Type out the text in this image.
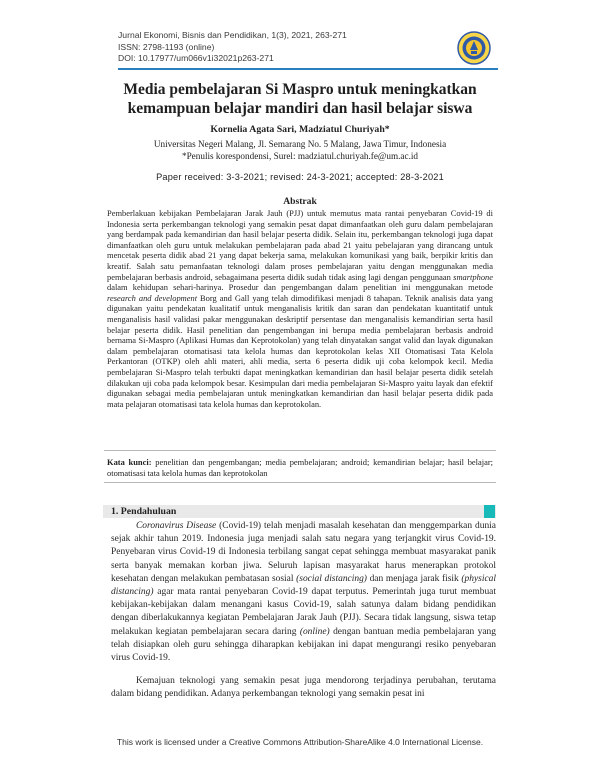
Jurnal Ekonomi, Bisnis dan Pendidikan, 1(3), 2021, 263-271
ISSN: 2798-1193 (online)
DOI: 10.17977/um066v1i32021p263-271
Media pembelajaran Si Maspro untuk meningkatkan
kemampuan belajar mandiri dan hasil belajar siswa
Kornelia Agata Sari, Madziatul Churiyah*
Universitas Negeri Malang, Jl. Semarang No. 5 Malang, Jawa Timur, Indonesia
*Penulis korespondensi, Surel: madziatul.churiyah.fe@um.ac.id
Paper received: 3-3-2021; revised: 24-3-2021; accepted: 28-3-2021
Abstrak
Pemberlakuan kebijakan Pembelajaran Jarak Jauh (PJJ) untuk memutus mata rantai penyebaran Covid-19 di Indonesia serta perkembangan teknologi yang semakin pesat dapat dimanfaatkan oleh guru dalam pembelajaran yang berdampak pada kemandirian dan hasil belajar peserta didik. Selain itu, perkembangan teknologi juga dapat dimanfaatkan oleh guru untuk melakukan pembelajaran pada abad 21 yaitu pebelajaran yang dirancang untuk mencetak peserta didik abad 21 yang dapat bekerja sama, melakukan komunikasi yang baik, berpikir kritis dan kreatif. Salah satu pemanfaatan teknologi dalam proses pembelajaran yaitu dengan menggunakan media pembelajaran berbasis android, sebagaimana peserta didik sudah tidak asing lagi dengan penggunaan smartphone dalam kehidupan sehari-harinya. Prosedur dan pengembangan dalam penelitian ini menggunakan metode research and development Borg and Gall yang telah dimodifikasi menjadi 8 tahapan. Teknik analisis data yang digunakan yaitu pendekatan kualitatif untuk menganalisis kritik dan saran dan pendekatan kuantitatif untuk menganalisis hasil validasi pakar menggunakan deskriptif persentase dan menganalisis kemandirian serta hasil belajar peserta didik. Hasil penelitian dan pengembangan ini berupa media pembelajaran berbasis android bernama Si-Maspro (Aplikasi Humas dan Keprotokolan) yang telah dinyatakan sangat valid dan layak digunakan dalam pembelajaran otomatisasi tata kelola humas dan keprotokolan kelas XII Otomatisasi Tata Kelola Perkantoran (OTKP) oleh ahli materi, ahli media, serta 6 peserta didik uji coba kelompok kecil. Media pembelajaran Si-Maspro telah terbukti dapat meningkatkan kemandirian dan hasil belajar peserta didik setelah dilakukan uji coba pada kelompok besar. Kesimpulan dari media pembelajaran Si-Maspro yaitu layak dan efektif digunakan sebagai media pembelajaran untuk meningkatkan kemandirian dan hasil belajar peserta didik pada mata pelajaran otomatisasi tata kelola humas dan keprotokolan.
Kata kunci: penelitian dan pengembangan; media pembelajaran; android; kemandirian belajar; hasil belajar; otomatisasi tata kelola humas dan keprotokolan
1. Pendahuluan

Coronavirus Disease (Covid-19) telah menjadi masalah kesehatan dan menggemparkan dunia sejak akhir tahun 2019. Indonesia juga menjadi salah satu negara yang terjangkit virus Covid-19. Penyebaran virus Covid-19 di Indonesia terbilang sangat cepat sehingga membuat masyarakat panik serta banyak memakan korban jiwa. Seluruh lapisan masyarakat harus menerapkan protokol kesehatan dengan melakukan pembatasan sosial (social distancing) dan menjaga jarak fisik (physical distancing) agar mata rantai penyebaran Covid-19 dapat terputus. Pemerintah juga turut membuat kebijakan-kebijakan dalam menangani kasus Covid-19, salah satunya dalam bidang pendidikan dengan diberlakukannya kegiatan Pembelajaran Jarak Jauh (PJJ). Secara tidak langsung, siswa tetap melakukan kegiatan pembelajaran secara daring (online) dengan bantuan media pembelajaran yang telah disiapkan oleh guru sehingga diharapkan kebijakan ini dapat mengurangi resiko penyebaran virus Covid-19.

Kemajuan teknologi yang semakin pesat juga mendorong terjadinya perubahan, terutama dalam bidang pendidikan. Adanya perkembangan teknologi yang semakin pesat ini

This work is licensed under a Creative Commons Attribution-ShareAlike 4.0 International License.
